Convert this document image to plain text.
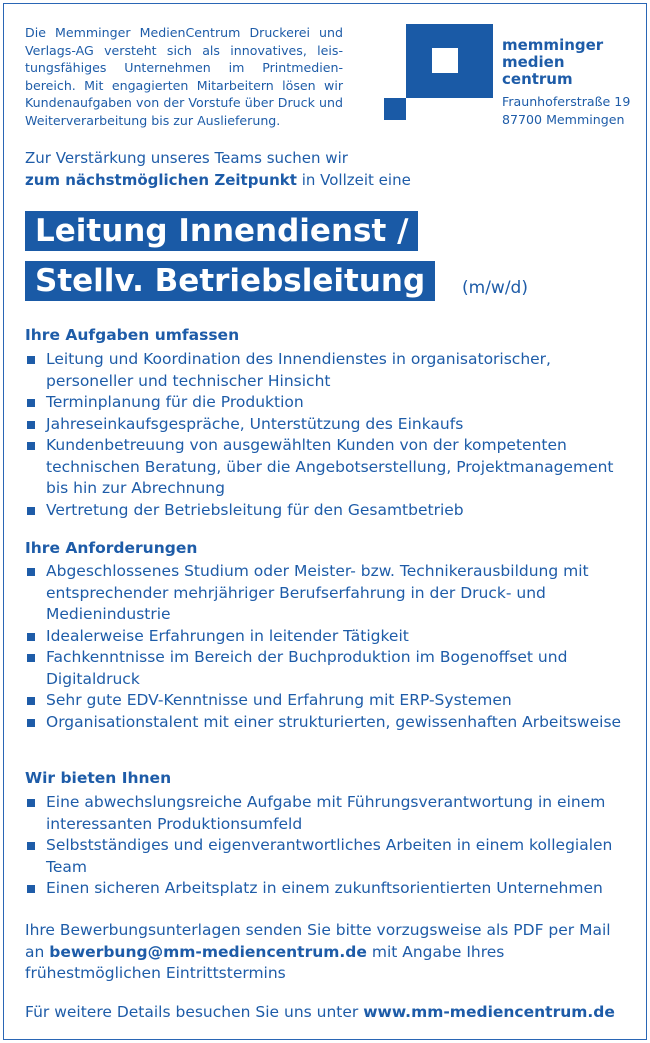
Die Memminger MedienCentrum Druckerei und Verlags-AG versteht sich als innovatives, leis-tungsfähiges Unternehmen im Printmedien-bereich. Mit engagierten Mitarbeitern lösen wir Kundenaufgaben von der Vorstufe über Druck und Weiterverarbeitung bis zur Auslieferung.
memminger
medien
centrum
Fraunhoferstraße 19
87700 Memmingen
Zur Verstärkung unseres Teams suchen wir
zum nächstmöglichen Zeitpunkt in Vollzeit eine
Leitung Innendienst /
Stellv. Betriebsleitung	(m/w/d)
Ihre Aufgaben umfassen
Leitung und Koordination des Innendienstes in organisatorischer, personeller und technischer Hinsicht
Terminplanung für die Produktion
Jahreseinkaufsgespräche, Unterstützung des Einkaufs
Kundenbetreuung von ausgewählten Kunden von der kompetenten technischen Beratung, über die Angebotserstellung, Projektmanagement bis hin zur Abrechnung
Vertretung der Betriebsleitung für den Gesamtbetrieb
Ihre Anforderungen
Abgeschlossenes Studium oder Meister- bzw. Technikerausbildung mit entsprechender mehrjähriger Berufserfahrung in der Druck- und Medienindustrie
Idealerweise Erfahrungen in leitender Tätigkeit
Fachkenntnisse im Bereich der Buchproduktion im Bogenoffset und Digitaldruck
Sehr gute EDV-Kenntnisse und Erfahrung mit ERP-Systemen
Organisationstalent mit einer strukturierten, gewissenhaften Arbeitsweise
Wir bieten Ihnen
Eine abwechslungsreiche Aufgabe mit Führungsverantwortung in einem interessanten Produktionsumfeld
Selbstständiges und eigenverantwortliches Arbeiten in einem kollegialen Team
Einen sicheren Arbeitsplatz in einem zukunftsorientierten Unternehmen
Ihre Bewerbungsunterlagen senden Sie bitte vorzugsweise als PDF per Mail an bewerbung@mm-mediencentrum.de mit Angabe Ihres frühestmöglichen Eintrittstermins
Für weitere Details besuchen Sie uns unter www.mm-mediencentrum.de
